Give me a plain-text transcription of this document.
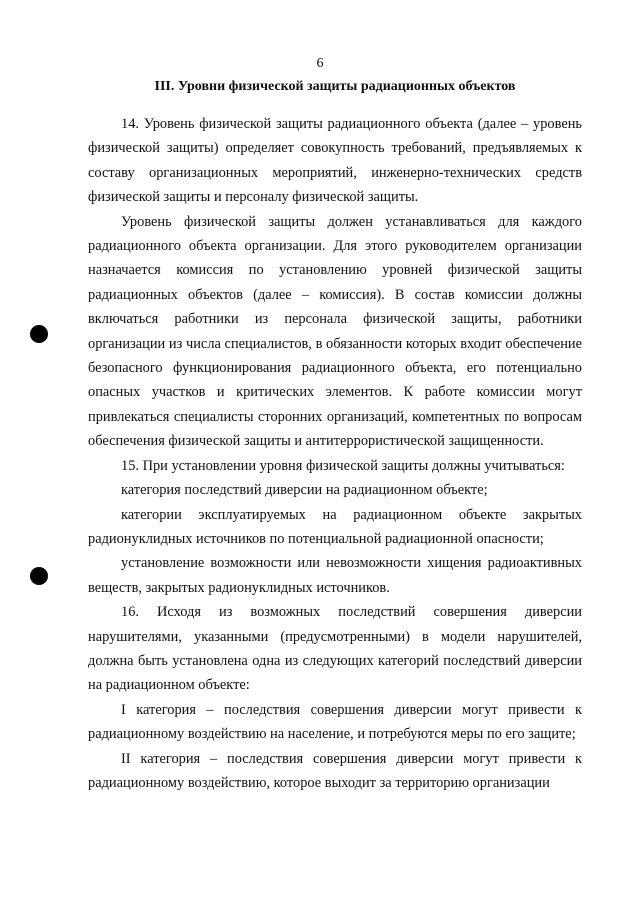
6
III. Уровни физической защиты радиационных объектов

14. Уровень физической защиты радиационного объекта (далее – уровень физической защиты) определяет совокупность требований, предъявляемых к составу организационных мероприятий, инженерно-технических средств физической защиты и персоналу физической защиты.

Уровень физической защиты должен устанавливаться для каждого радиационного объекта организации. Для этого руководителем организации назначается комиссия по установлению уровней физической защиты радиационных объектов (далее – комиссия). В состав комиссии должны включаться работники из персонала физической защиты, работники организации из числа специалистов, в обязанности которых входит обеспечение безопасного функционирования радиационного объекта, его потенциально опасных участков и критических элементов. К работе комиссии могут привлекаться специалисты сторонних организаций, компетентных по вопросам обеспечения физической защиты и антитеррористической защищенности.

15. При установлении уровня физической защиты должны учитываться:

категория последствий диверсии на радиационном объекте;

категории эксплуатируемых на радиационном объекте закрытых радионуклидных источников по потенциальной радиационной опасности;

установление возможности или невозможности хищения радиоактивных веществ, закрытых радионуклидных источников.

16. Исходя из возможных последствий совершения диверсии нарушителями, указанными (предусмотренными) в модели нарушителей, должна быть установлена одна из следующих категорий последствий диверсии на радиационном объекте:

I категория – последствия совершения диверсии могут привести к радиационному воздействию на население, и потребуются меры по его защите;

II категория – последствия совершения диверсии могут привести к радиационному воздействию, которое выходит за территорию организации
